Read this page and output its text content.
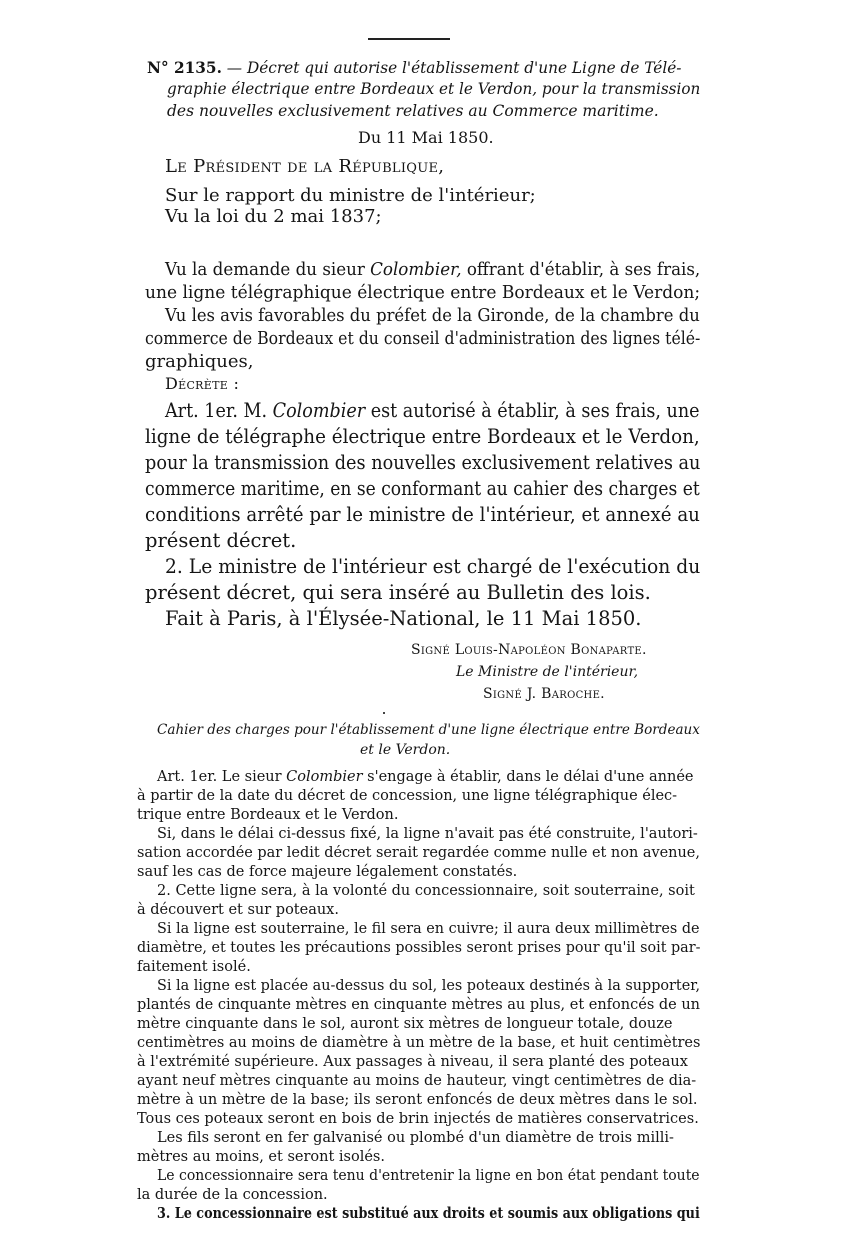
N° 2135. — Décret qui autorise l'établissement d'une Ligne de Télé-
graphie électrique entre Bordeaux et le Verdon, pour la transmission
des nouvelles exclusivement relatives au Commerce maritime.
Du 11 Mai 1850.
Le Président de la République,
Sur le rapport du ministre de l'intérieur;
Vu la loi du 2 mai 1837;
Vu la demande du sieur Colombier, offrant d'établir, à ses frais,
une ligne télégraphique électrique entre Bordeaux et le Verdon;
Vu les avis favorables du préfet de la Gironde, de la chambre du
commerce de Bordeaux et du conseil d'administration des lignes télé-
graphiques,
Décrète :
Art. 1er. M. Colombier est autorisé à établir, à ses frais, une
ligne de télégraphe électrique entre Bordeaux et le Verdon,
pour la transmission des nouvelles exclusivement relatives au
commerce maritime, en se conformant au cahier des charges et
conditions arrêté par le ministre de l'intérieur, et annexé au
présent décret.
2. Le ministre de l'intérieur est chargé de l'exécution du
présent décret, qui sera inséré au Bulletin des lois.
Fait à Paris, à l'Élysée-National, le 11 Mai 1850.
Signé Louis-Napoléon Bonaparte.
Le Ministre de l'intérieur,
Signé J. Baroche.
Cahier des charges pour l'établissement d'une ligne électrique entre Bordeaux
et le Verdon.
Art. 1er. Le sieur Colombier s'engage à établir, dans le délai d'une année
à partir de la date du décret de concession, une ligne télégraphique élec-
trique entre Bordeaux et le Verdon.
Si, dans le délai ci-dessus fixé, la ligne n'avait pas été construite, l'autori-
sation accordée par ledit décret serait regardée comme nulle et non avenue,
sauf les cas de force majeure légalement constatés.
2. Cette ligne sera, à la volonté du concessionnaire, soit souterraine, soit
à découvert et sur poteaux.
Si la ligne est souterraine, le fil sera en cuivre; il aura deux millimètres de
diamètre, et toutes les précautions possibles seront prises pour qu'il soit par-
faitement isolé.
Si la ligne est placée au-dessus du sol, les poteaux destinés à la supporter,
plantés de cinquante mètres en cinquante mètres au plus, et enfoncés de un
mètre cinquante dans le sol, auront six mètres de longueur totale, douze
centimètres au moins de diamètre à un mètre de la base, et huit centimètres
à l'extrémité supérieure. Aux passages à niveau, il sera planté des poteaux
ayant neuf mètres cinquante au moins de hauteur, vingt centimètres de dia-
mètre à un mètre de la base; ils seront enfoncés de deux mètres dans le sol.
Tous ces poteaux seront en bois de brin injectés de matières conservatrices.
Les fils seront en fer galvanisé ou plombé d'un diamètre de trois milli-
mètres au moins, et seront isolés.
Le concessionnaire sera tenu d'entretenir la ligne en bon état pendant toute
la durée de la concession.
3. Le concessionnaire est substitué aux droits et soumis aux obligations qui
